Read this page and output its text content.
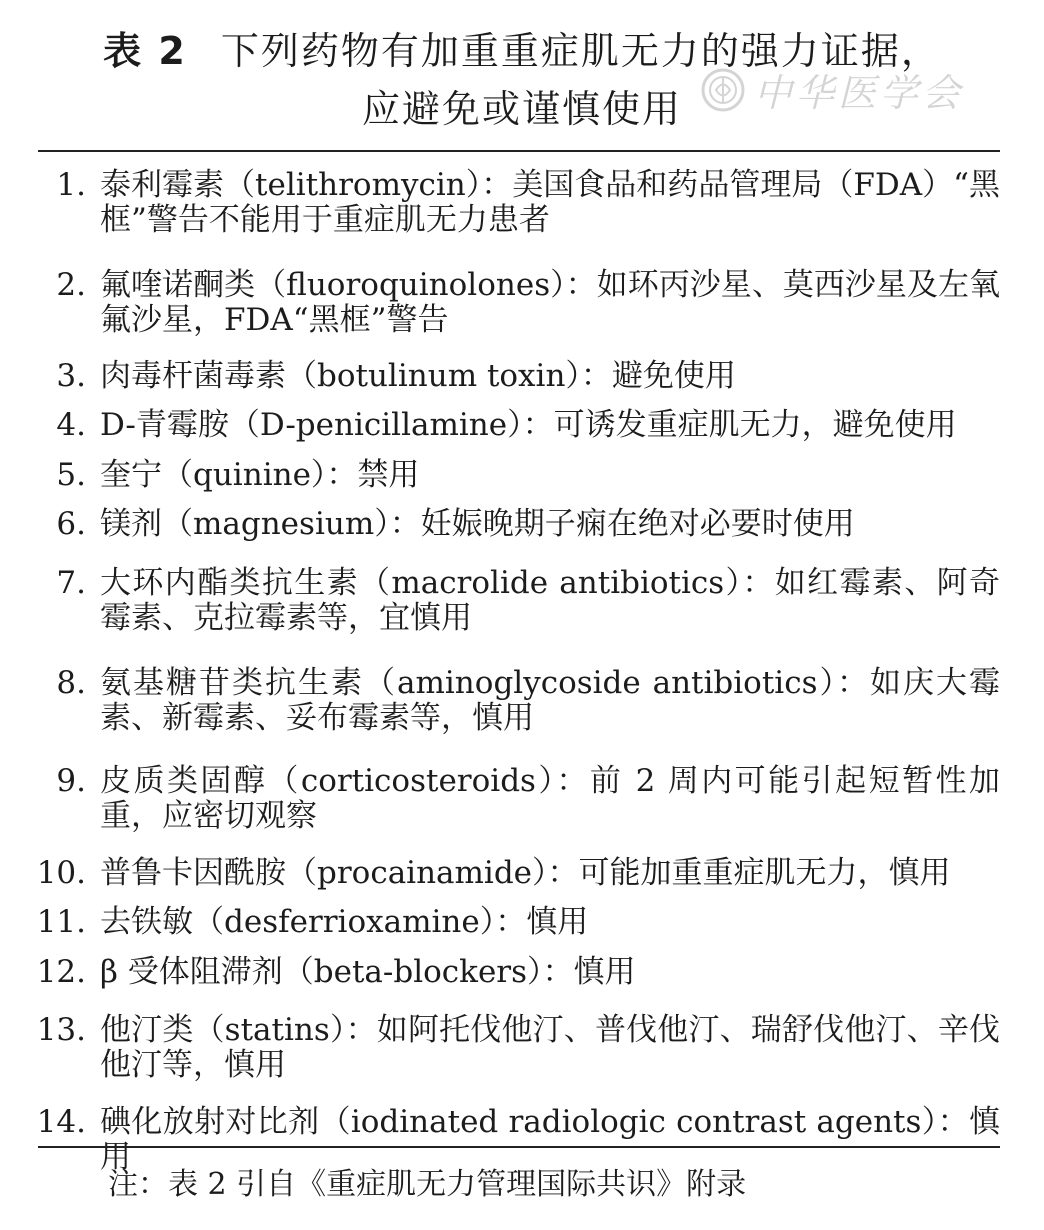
表 2 下列药物有加重重症肌无力的强力证据，
应避免或谨慎使用	中华医学会
1. 泰利霉素（telithromycin）：美国食品和药品管理局（FDA）“黑框”警告不能用于重症肌无力患者
2. 氟喹诺酮类（fluoroquinolones）：如环丙沙星、莫西沙星及左氧氟沙星，FDA“黑框”警告
3. 肉毒杆菌毒素（botulinum toxin）：避免使用
4. D-青霉胺（D-penicillamine）：可诱发重症肌无力，避免使用
5. 奎宁（quinine）：禁用
6. 镁剂（magnesium）：妊娠晚期子痫在绝对必要时使用
7. 大环内酯类抗生素（macrolide antibiotics）：如红霉素、阿奇霉素、克拉霉素等，宜慎用
8. 氨基糖苷类抗生素（aminoglycoside antibiotics）：如庆大霉素、新霉素、妥布霉素等，慎用
9. 皮质类固醇（corticosteroids）：前 2 周内可能引起短暂性加重，应密切观察
10. 普鲁卡因酰胺（procainamide）：可能加重重症肌无力，慎用
11. 去铁敏（desferrioxamine）：慎用
12. β 受体阻滞剂（beta-blockers）：慎用
13. 他汀类（statins）：如阿托伐他汀、普伐他汀、瑞舒伐他汀、辛伐他汀等，慎用
14. 碘化放射对比剂（iodinated radiologic contrast agents）：慎用
注：表 2 引自《重症肌无力管理国际共识》附录
